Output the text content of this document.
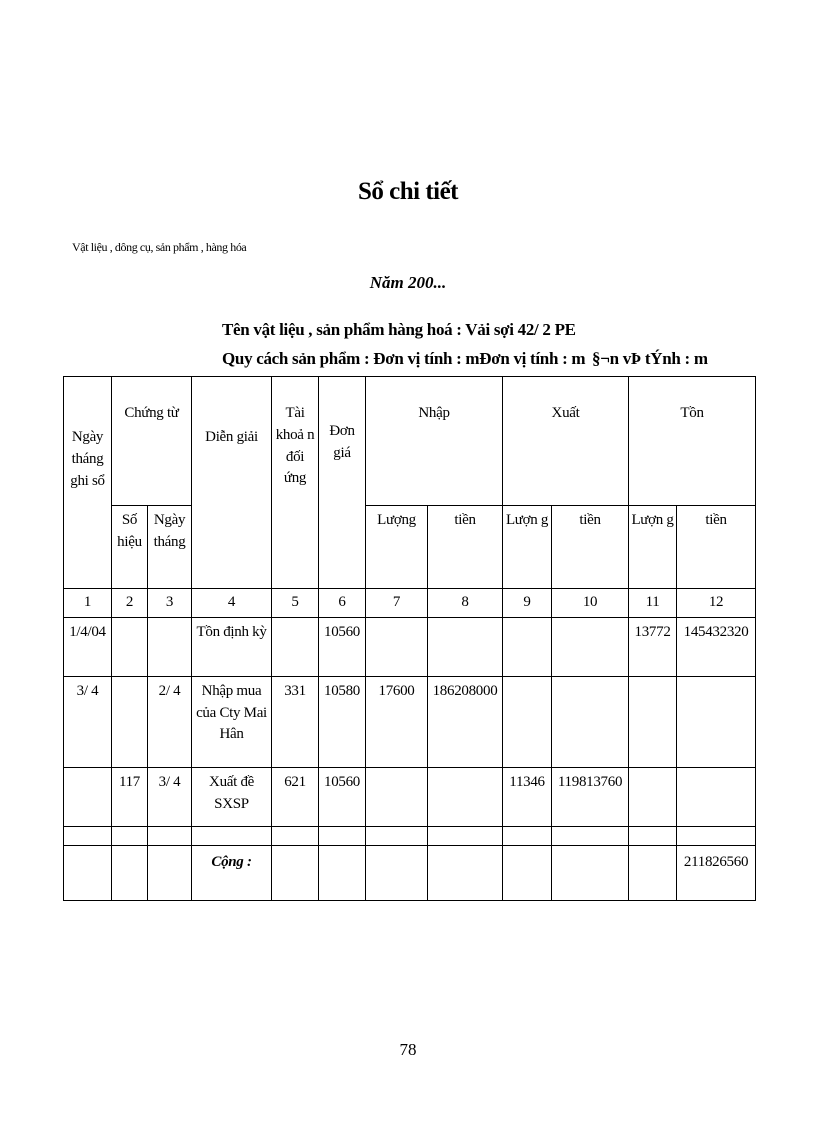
Sổ chi tiết
Vật liệu , dông cụ, sản phẩm , hàng hóa
Năm 200...
Tên vật liệu , sản phẩm hàng hoá : Vải sợi 42/ 2 PE
Quy cách sản phẩm : Đơn vị tính : mĐơn vị tính : m §¬n vÞ tÝnh : m
Ngày tháng ghi sổ	Chứng từ		Diễn giải	Tài khoả n đối ứng	Đơn giá	Nhập		Xuất		Tồn	
	Số hiệu	Ngày tháng				Lượng	tiền	Lượn g	tiền	Lượn g	tiền
1	2	3	4	5	6	7	8	9	10	11	12
1/4/04			Tồn định kỳ		10560					13772	145432320
3/ 4		2/ 4	Nhập mua của Cty Mai Hân	331	10580	17600	186208000				
	117	3/ 4	Xuất đề SXSP	621	10560			11346	119813760		

			Cộng :								211826560
78
